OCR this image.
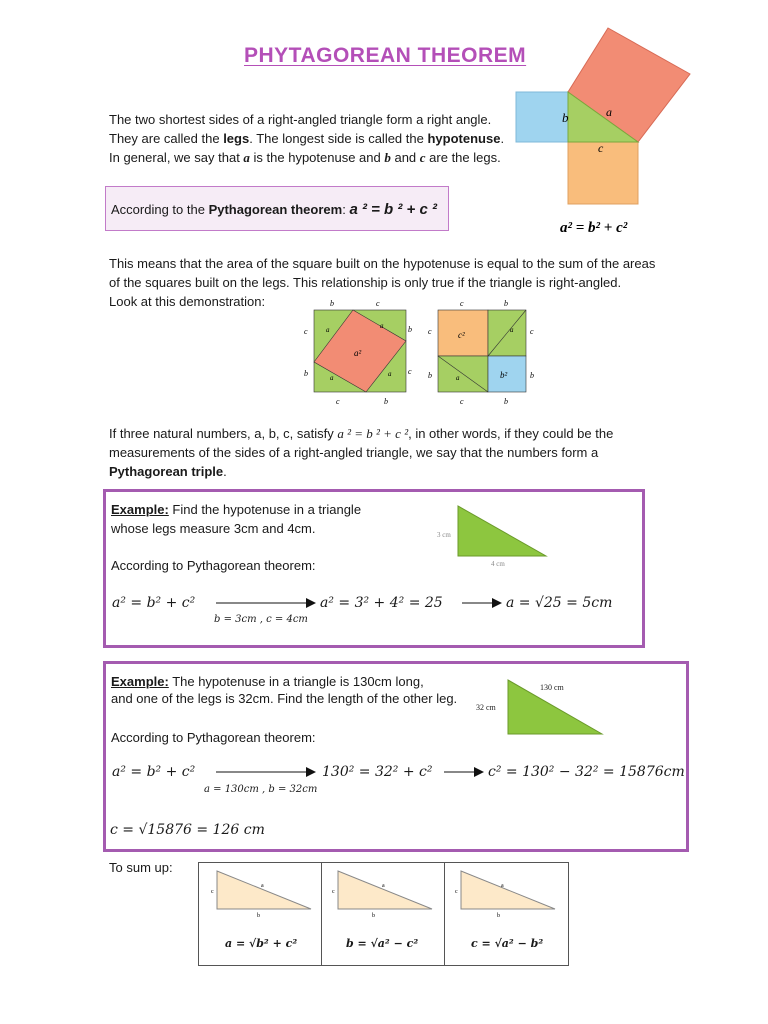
PHYTAGOREAN THEOREM
The two shortest sides of a right-angled triangle form a right angle.
They are called the legs. The longest side is called the hypotenuse.
In general, we say that a is the hypotenuse and b and c are the legs.
b	a
c
a² = b² + c²
According to the Pythagorean theorem: a ² = b ² + c ²
This means that the area of the square built on the hypotenuse is equal to the sum of the areas
of the squares built on the legs. This relationship is only true if the triangle is right-angled.
Look at this demonstration:	b	c
c
b
b
c
c	b
a²
a	a
a
a
c	b
c
b
c
b
c	b
c²
b²
a
a
If three natural numbers, a, b, c, satisfy a ² = b ² + c ², in other words, if they could be the
measurements of the sides of a right-angled triangle, we say that the numbers form a
Pythagorean triple.
Example: Find the hypotenuse in a triangle
whose legs measure 3cm and 4cm.
According to Pythagorean theorem:
a² = b² + c²
b = 3cm , c = 4cm
a² = 3² + 4² = 25	a = √25 = 5cm
3 cm
4 cm
Example: The hypotenuse in a triangle is 130cm long,
and one of the legs is 32cm. Find the length of the other leg.
According to Pythagorean theorem:
a² = b² + c²
a = 130cm , b = 32cm
130² = 32² + c²	c² = 130² − 32² = 15876cm
c = √15876 = 126 cm
130 cm
32 cm
To sum up:
c
a
b
a = √b² + c²
c
a
b
b = √a² − c²
c
a
b
c = √a² − b²
